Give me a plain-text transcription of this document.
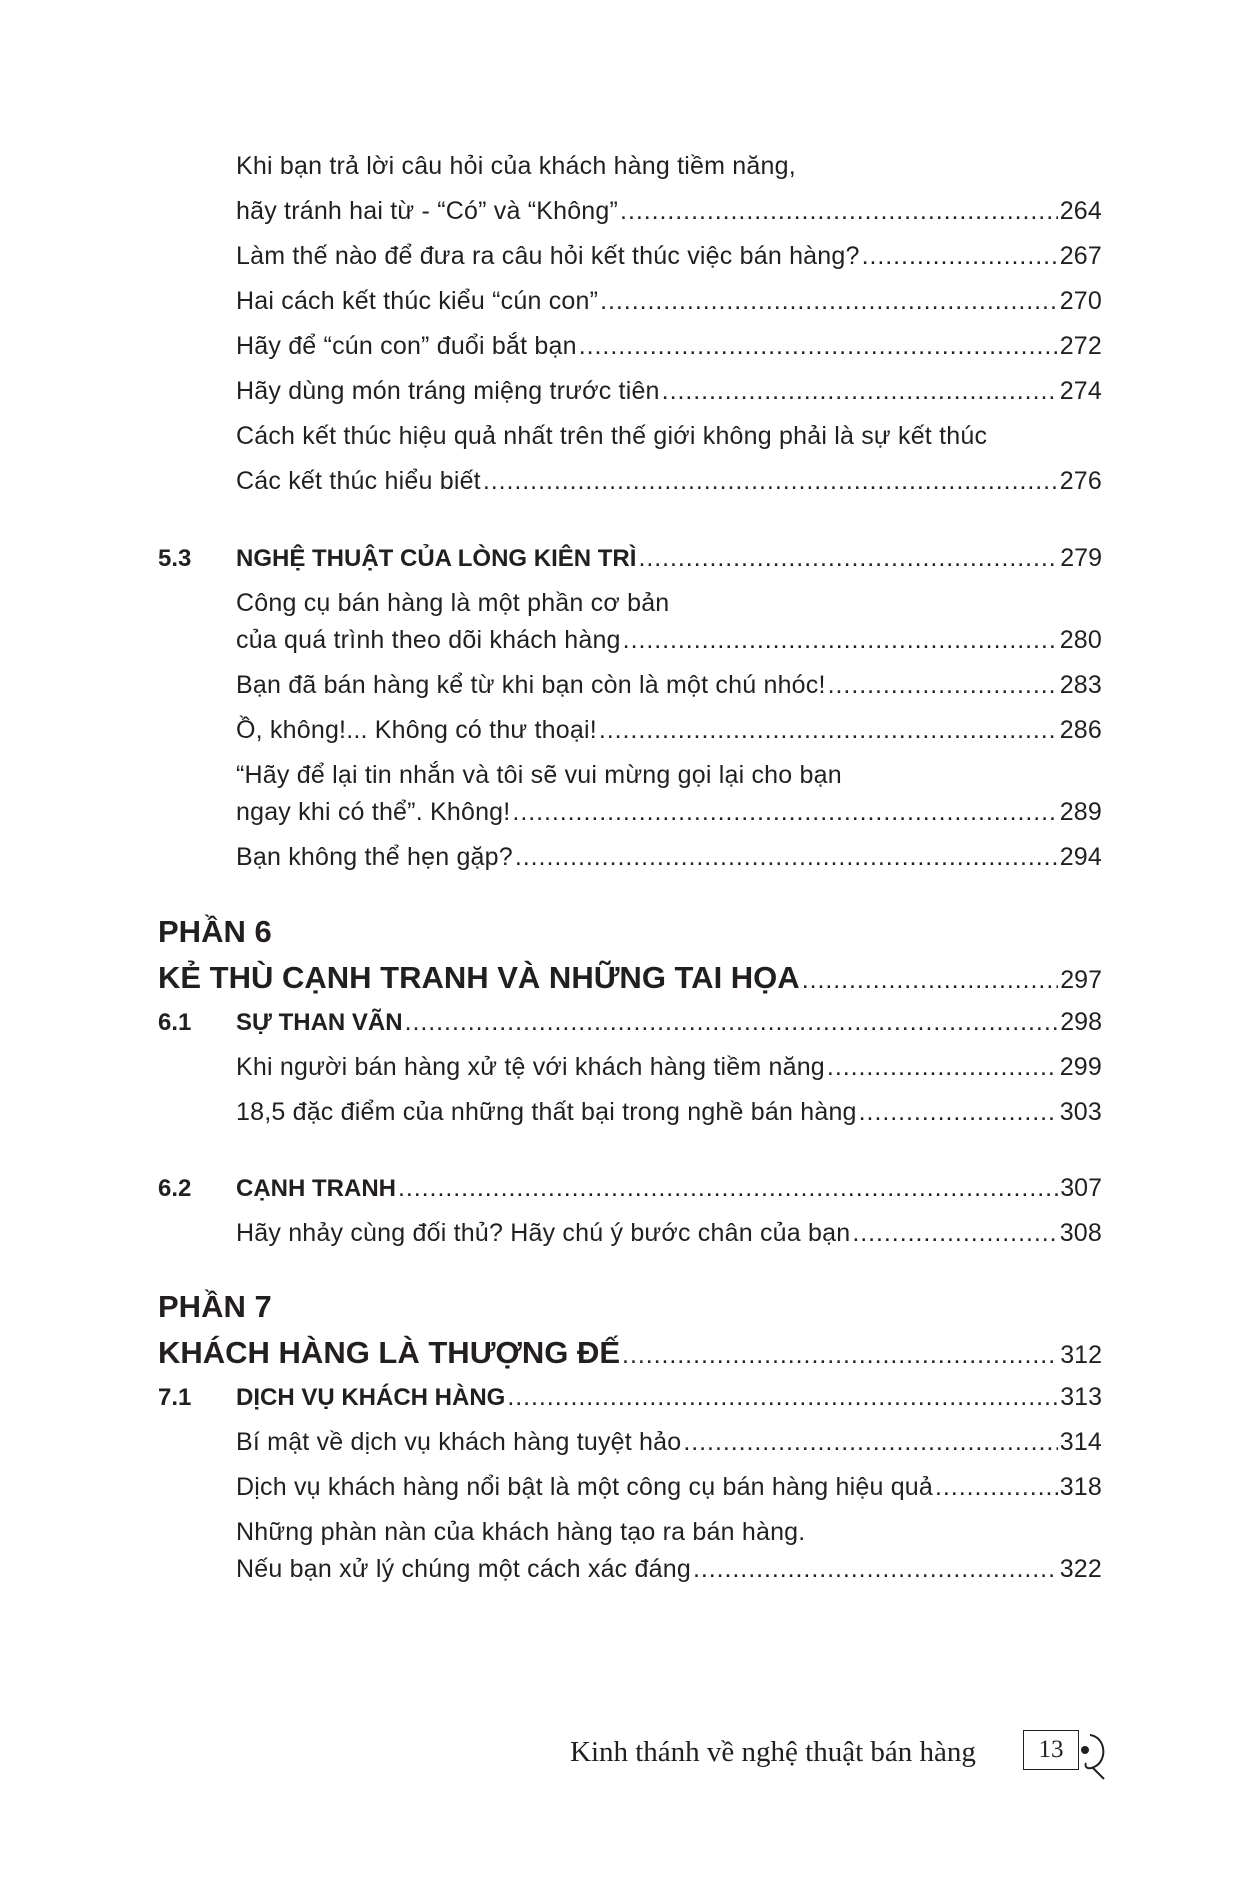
Khi bạn trả lời câu hỏi của khách hàng tiềm năng,
hãy tránh hai từ - “Có” và “Không” . . .	264
Làm thế nào để đưa ra câu hỏi kết thúc việc bán hàng? . . .	267
Hai cách kết thúc kiểu “cún con” . . .	270
Hãy để “cún con” đuổi bắt bạn . . .	272
Hãy dùng món tráng miệng trước tiên . . .	274
Cách kết thúc hiệu quả nhất trên thế giới không phải là sự kết thúc
Các kết thúc hiểu biết . . .	276
5.3	NGHỆ THUẬT CỦA LÒNG KIÊN TRÌ . . .	279
Công cụ bán hàng là một phần cơ bản
của quá trình theo dõi khách hàng . . .	280
Bạn đã bán hàng kể từ khi bạn còn là một chú nhóc! . . .	283
Ồ, không!... Không có thư thoại! . . .	286
“Hãy để lại tin nhắn và tôi sẽ vui mừng gọi lại cho bạn
ngay khi có thể”. Không! . . .	289
Bạn không thể hẹn gặp? . . .	294
PHẦN 6
KẺ THÙ CẠNH TRANH VÀ NHỮNG TAI HỌA . . .	297
6.1	SỰ THAN VÃN . . .	298
Khi người bán hàng xử tệ với khách hàng tiềm năng . . .	299
18,5 đặc điểm của những thất bại trong nghề bán hàng . . .	303
6.2	CẠNH TRANH . . .	307
Hãy nhảy cùng đối thủ? Hãy chú ý bước chân của bạn . . .	308
PHẦN 7
KHÁCH HÀNG LÀ THƯỢNG ĐẾ . . .	312
7.1	DỊCH VỤ KHÁCH HÀNG . . .	313
Bí mật về dịch vụ khách hàng tuyệt hảo . . .	314
Dịch vụ khách hàng nổi bật là một công cụ bán hàng hiệu quả . . .	318
Những phàn nàn của khách hàng tạo ra bán hàng.
Nếu bạn xử lý chúng một cách xác đáng . . .	322
Kinh thánh về nghệ thuật bán hàng	13
